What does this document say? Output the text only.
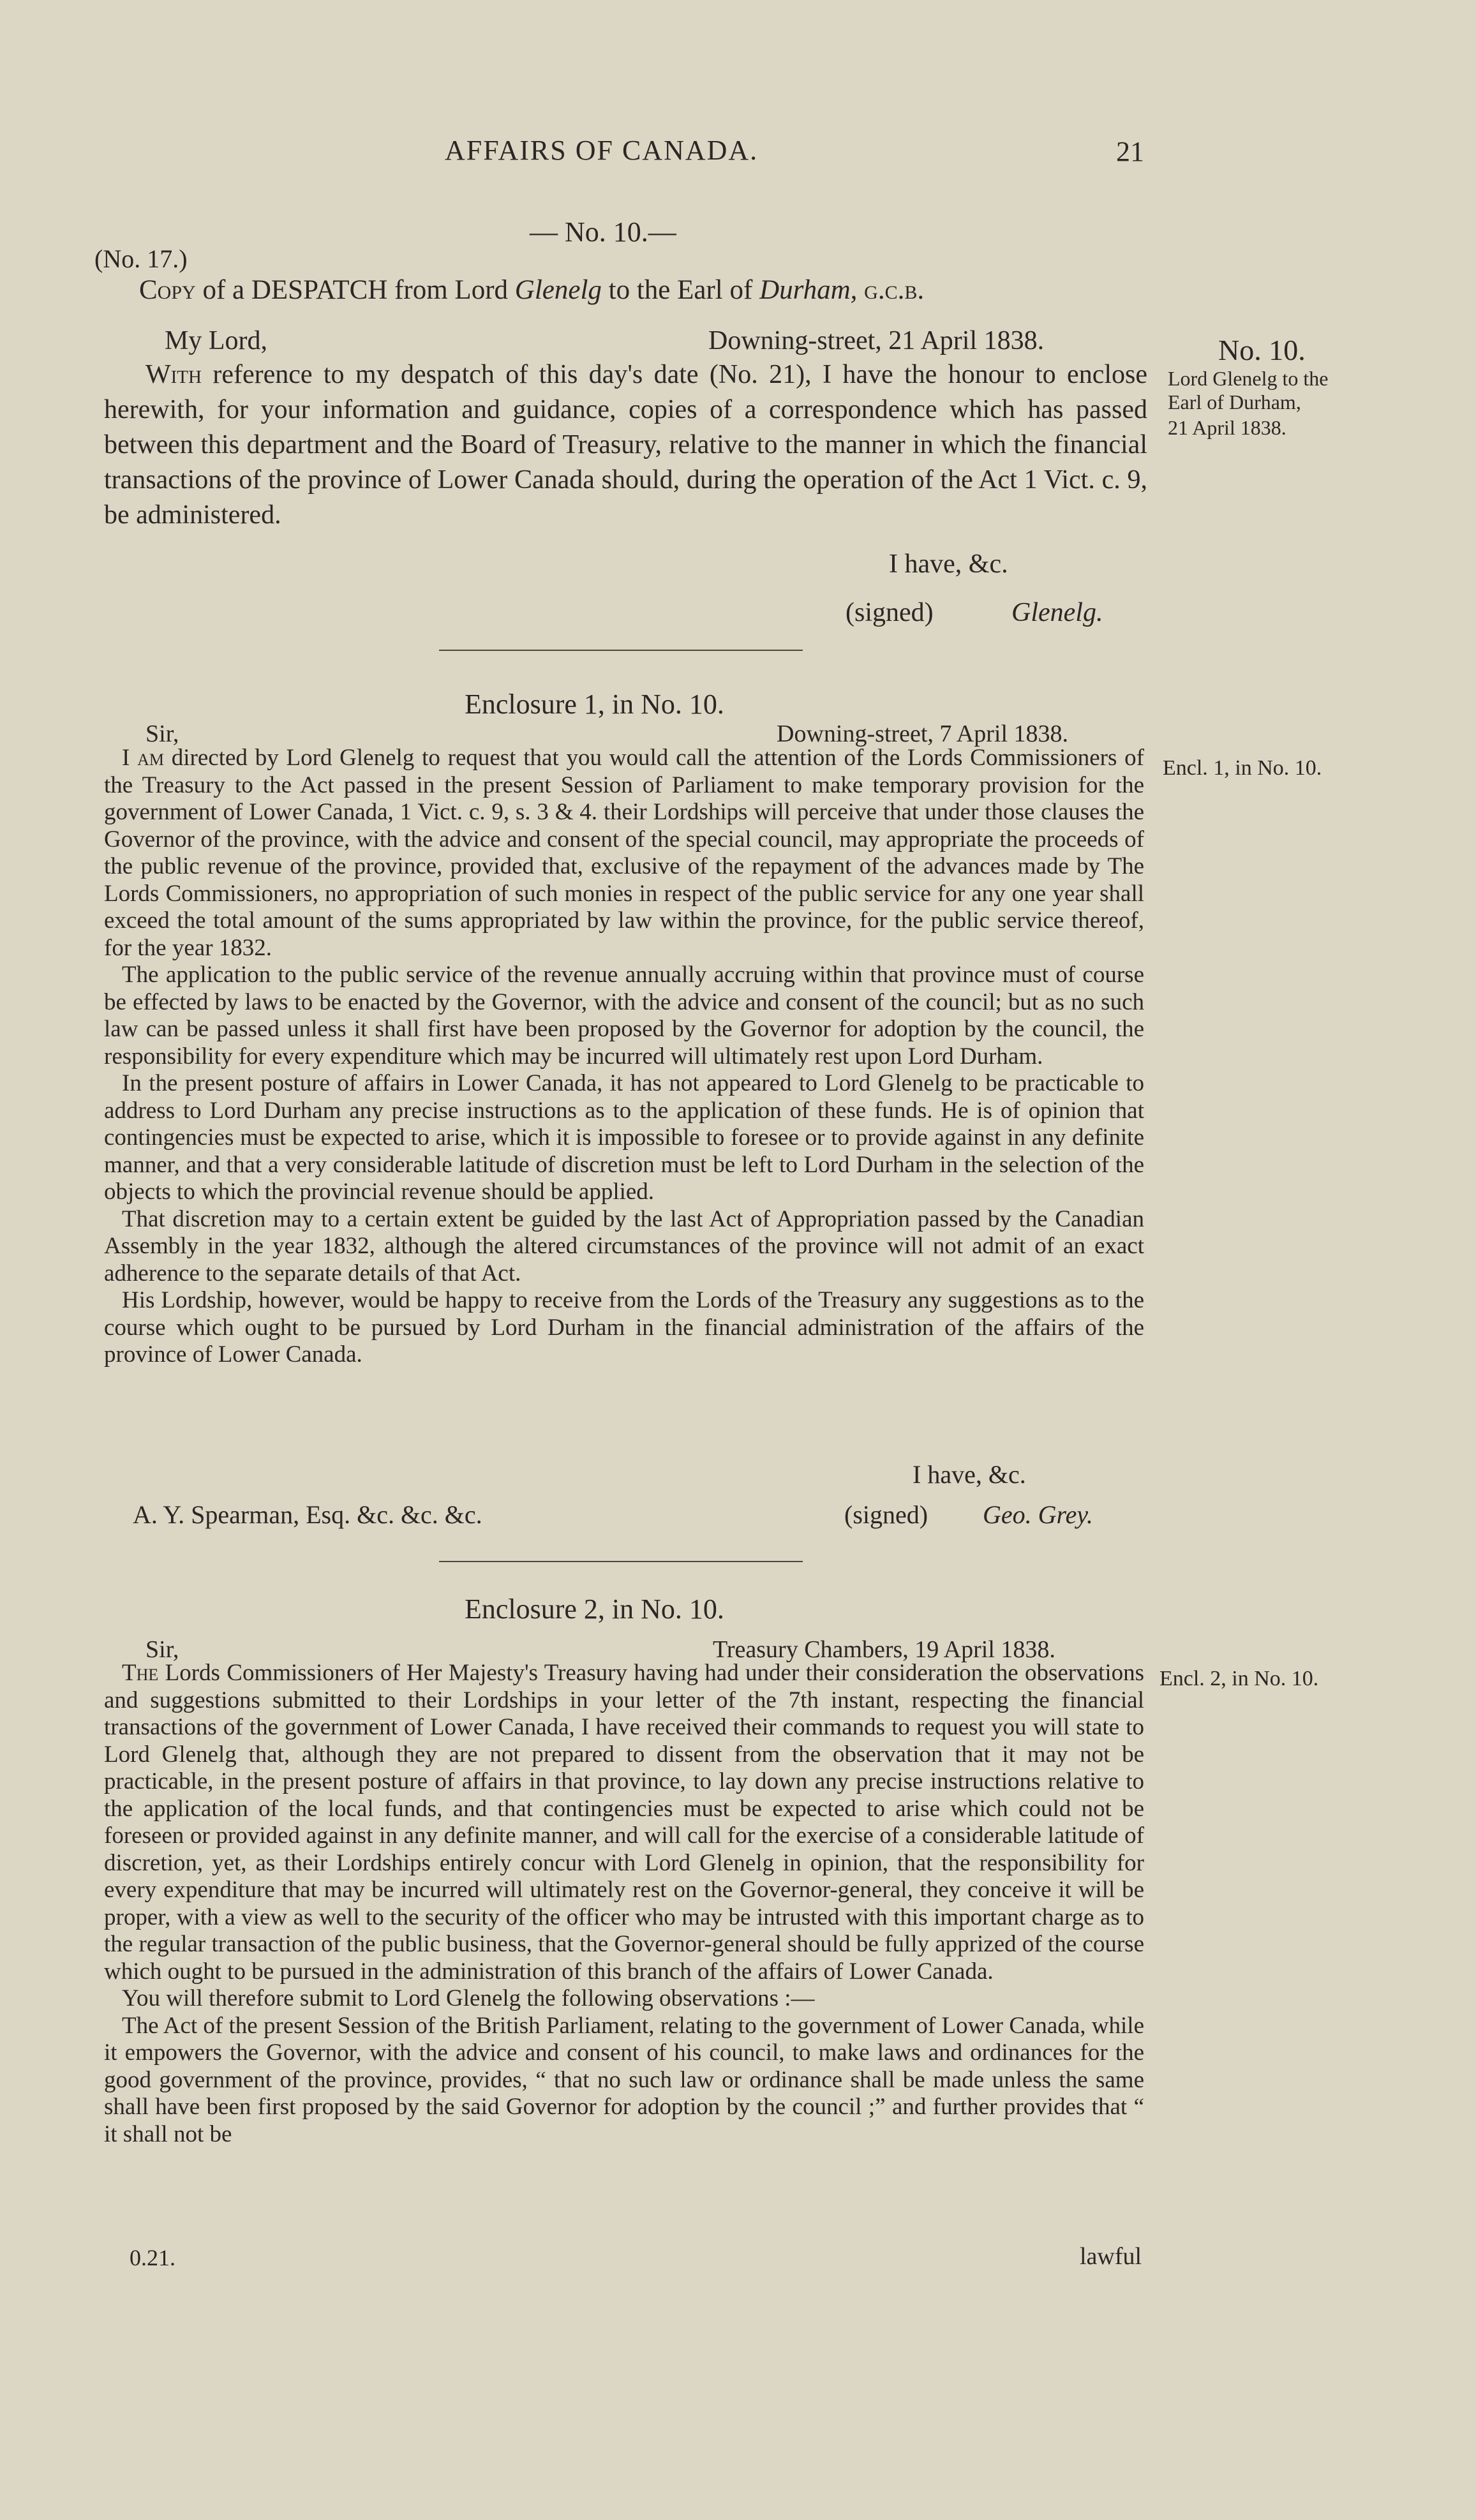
AFFAIRS OF CANADA.	21
— No. 10.—
(No. 17.)
Copy of a DESPATCH from Lord Glenelg to the Earl of Durham, g.c.b.
My Lord,	Downing-street, 21 April 1838.

With reference to my despatch of this day's date (No. 21), I have the honour to enclose herewith, for your information and guidance, copies of a correspondence which has passed between this department and the Board of Treasury, relative to the manner in which the financial transactions of the province of Lower Canada should, during the operation of the Act 1 Vict. c. 9, be administered.

I have, &c.
(signed)	Glenelg.
No. 10.
Lord Glenelg to the
Earl of Durham,
21 April 1838.
Enclosure 1, in No. 10.
Sir,	Downing-street, 7 April 1838.
Encl. 1, in No. 10.

I am directed by Lord Glenelg to request that you would call the attention of the Lords Commissioners of the Treasury to the Act passed in the present Session of Parliament to make temporary provision for the government of Lower Canada, 1 Vict. c. 9, s. 3 & 4. their Lordships will perceive that under those clauses the Governor of the province, with the advice and consent of the special council, may appropriate the proceeds of the public revenue of the province, provided that, exclusive of the repayment of the advances made by The Lords Commissioners, no appropriation of such monies in respect of the public service for any one year shall exceed the total amount of the sums appropriated by law within the province, for the public service thereof, for the year 1832.

The application to the public service of the revenue annually accruing within that province must of course be effected by laws to be enacted by the Governor, with the advice and consent of the council; but as no such law can be passed unless it shall first have been proposed by the Governor for adoption by the council, the responsibility for every expenditure which may be incurred will ultimately rest upon Lord Durham.

In the present posture of affairs in Lower Canada, it has not appeared to Lord Glenelg to be practicable to address to Lord Durham any precise instructions as to the application of these funds. He is of opinion that contingencies must be expected to arise, which it is impossible to foresee or to provide against in any definite manner, and that a very considerable latitude of discretion must be left to Lord Durham in the selection of the objects to which the provincial revenue should be applied.

That discretion may to a certain extent be guided by the last Act of Appropriation passed by the Canadian Assembly in the year 1832, although the altered circumstances of the province will not admit of an exact adherence to the separate details of that Act.

His Lordship, however, would be happy to receive from the Lords of the Treasury any suggestions as to the course which ought to be pursued by Lord Durham in the financial administration of the affairs of the province of Lower Canada.

I have, &c.
A. Y. Spearman, Esq. &c. &c. &c.	(signed) Geo. Grey.
Enclosure 2, in No. 10.
Sir,	Treasury Chambers, 19 April 1838.
Encl. 2, in No. 10.

The Lords Commissioners of Her Majesty's Treasury having had under their consideration the observations and suggestions submitted to their Lordships in your letter of the 7th instant, respecting the financial transactions of the government of Lower Canada, I have received their commands to request you will state to Lord Glenelg that, although they are not prepared to dissent from the observation that it may not be practicable, in the present posture of affairs in that province, to lay down any precise instructions relative to the application of the local funds, and that contingencies must be expected to arise which could not be foreseen or provided against in any definite manner, and will call for the exercise of a considerable latitude of discretion, yet, as their Lordships entirely concur with Lord Glenelg in opinion, that the responsibility for every expenditure that may be incurred will ultimately rest on the Governor-general, they conceive it will be proper, with a view as well to the security of the officer who may be intrusted with this important charge as to the regular transaction of the public business, that the Governor-general should be fully apprized of the course which ought to be pursued in the administration of this branch of the affairs of Lower Canada.

You will therefore submit to Lord Glenelg the following observations :—

The Act of the present Session of the British Parliament, relating to the government of Lower Canada, while it empowers the Governor, with the advice and consent of his council, to make laws and ordinances for the good government of the province, provides, “ that no such law or ordinance shall be made unless the same shall have been first proposed by the said Governor for adoption by the council ;” and further provides that “ it shall not be

0.21.	lawful
